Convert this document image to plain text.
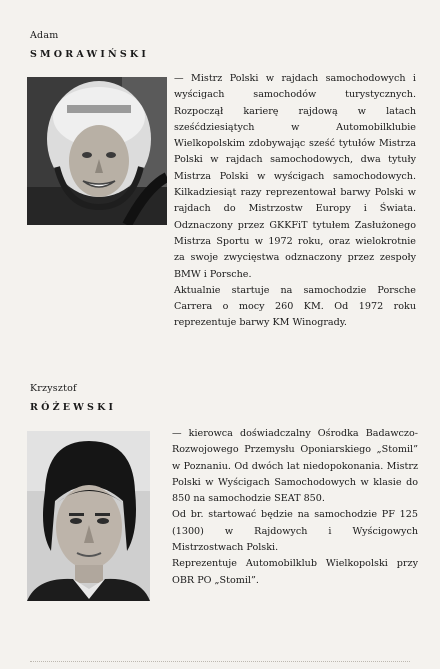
Adam
SMORAWIŃSKI

— Mistrz Polski w rajdach samochodowych i wyścigach samochodów turystycznych. Rozpoczął karierę rajdową w latach sześćdziesiątych w Automobilklubie Wielkopolskim zdobywając sześć tytułów Mistrza Polski w rajdach samochodowych, dwa tytuły Mistrza Polski w wyścigach samochodowych. Kilkadziesiąt razy reprezentował barwy Polski w rajdach do Mistrzostw Europy i Świata. Odznaczony przez GKKFiT tytułem Zasłużonego Mistrza Sportu w 1972 roku, oraz wielokrotnie za swoje zwycięstwa odznaczony przez zespoły BMW i Porsche.

Aktualnie startuje na samochodzie Porsche Carrera o mocy 260 KM. Od 1972 roku reprezentuje barwy KM Winogrady.

Krzysztof
RÓŻEWSKI

— kierowca doświadczalny Ośrodka Badawczo-Rozwojowego Przemysłu Oponiarskiego „Stomil” w Poznaniu. Od dwóch lat niedopokonania. Mistrz Polski w Wyścigach Samochodowych w klasie do 850 na samochodzie SEAT 850.

Od br. startować będzie na samochodzie PF 125 (1300) w Rajdowych i Wyścigowych Mistrzostwach Polski.

Reprezentuje Automobilklub Wielkopolski przy OBR PO „Stomil”.
